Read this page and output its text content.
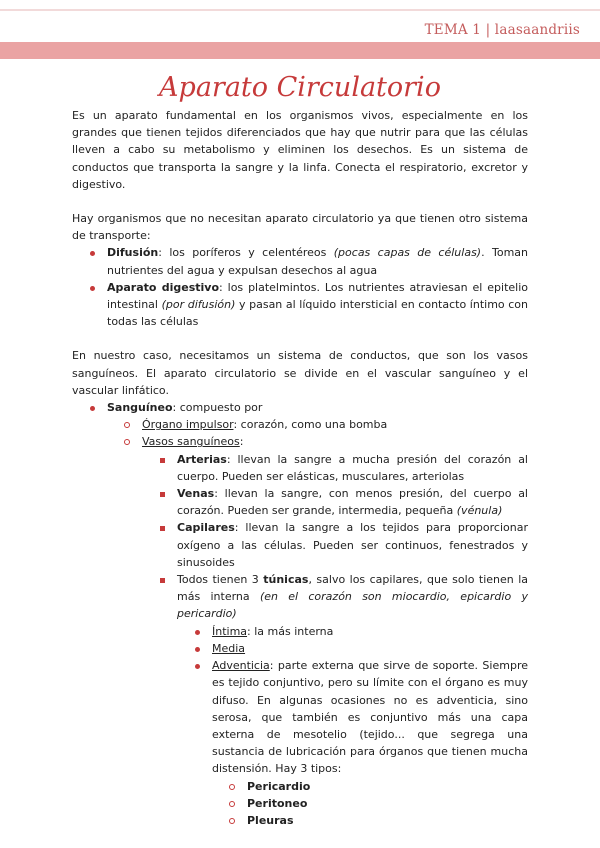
TEMA 1 | laasaandriis
Aparato Circulatorio

Es un aparato fundamental en los organismos vivos, especialmente en los grandes que tienen tejidos diferenciados que hay que nutrir para que las células lleven a cabo su metabolismo y eliminen los desechos. Es un sistema de conductos que transporta la sangre y la linfa. Conecta el respiratorio, excretor y digestivo.

Hay organismos que no necesitan aparato circulatorio ya que tienen otro sistema de transporte:

Difusión: los poríferos y celentéreos (pocas capas de células). Toman nutrientes del agua y expulsan desechos al agua
Aparato digestivo: los platelmintos. Los nutrientes atraviesan el epitelio intestinal (por difusión) y pasan al líquido intersticial en contacto íntimo con todas las células

En nuestro caso, necesitamos un sistema de conductos, que son los vasos sanguíneos. El aparato circulatorio se divide en el vascular sanguíneo y el vascular linfático.

Sanguíneo: compuesto por
Órgano impulsor: corazón, como una bomba
Vasos sanguíneos:
Arterias: llevan la sangre a mucha presión del corazón al cuerpo. Pueden ser elásticas, musculares, arteriolas
Venas: llevan la sangre, con menos presión, del cuerpo al corazón. Pueden ser grande, intermedia, pequeña (vénula)
Capilares: llevan la sangre a los tejidos para proporcionar oxígeno a las células. Pueden ser continuos, fenestrados y sinusoides
Todos tienen 3 túnicas, salvo los capilares, que solo tienen la más interna (en el corazón son miocardio, epicardio y pericardio)
Íntima: la más interna
Media
Adventicia: parte externa que sirve de soporte. Siempre es tejido conjuntivo, pero su límite con el órgano es muy difuso. En algunas ocasiones no es adventicia, sino serosa, que también es conjuntivo más una capa externa de mesotelio (tejido... que segrega una sustancia de lubricación para órganos que tienen mucha distensión. Hay 3 tipos:
Pericardio
Peritoneo
Pleuras
